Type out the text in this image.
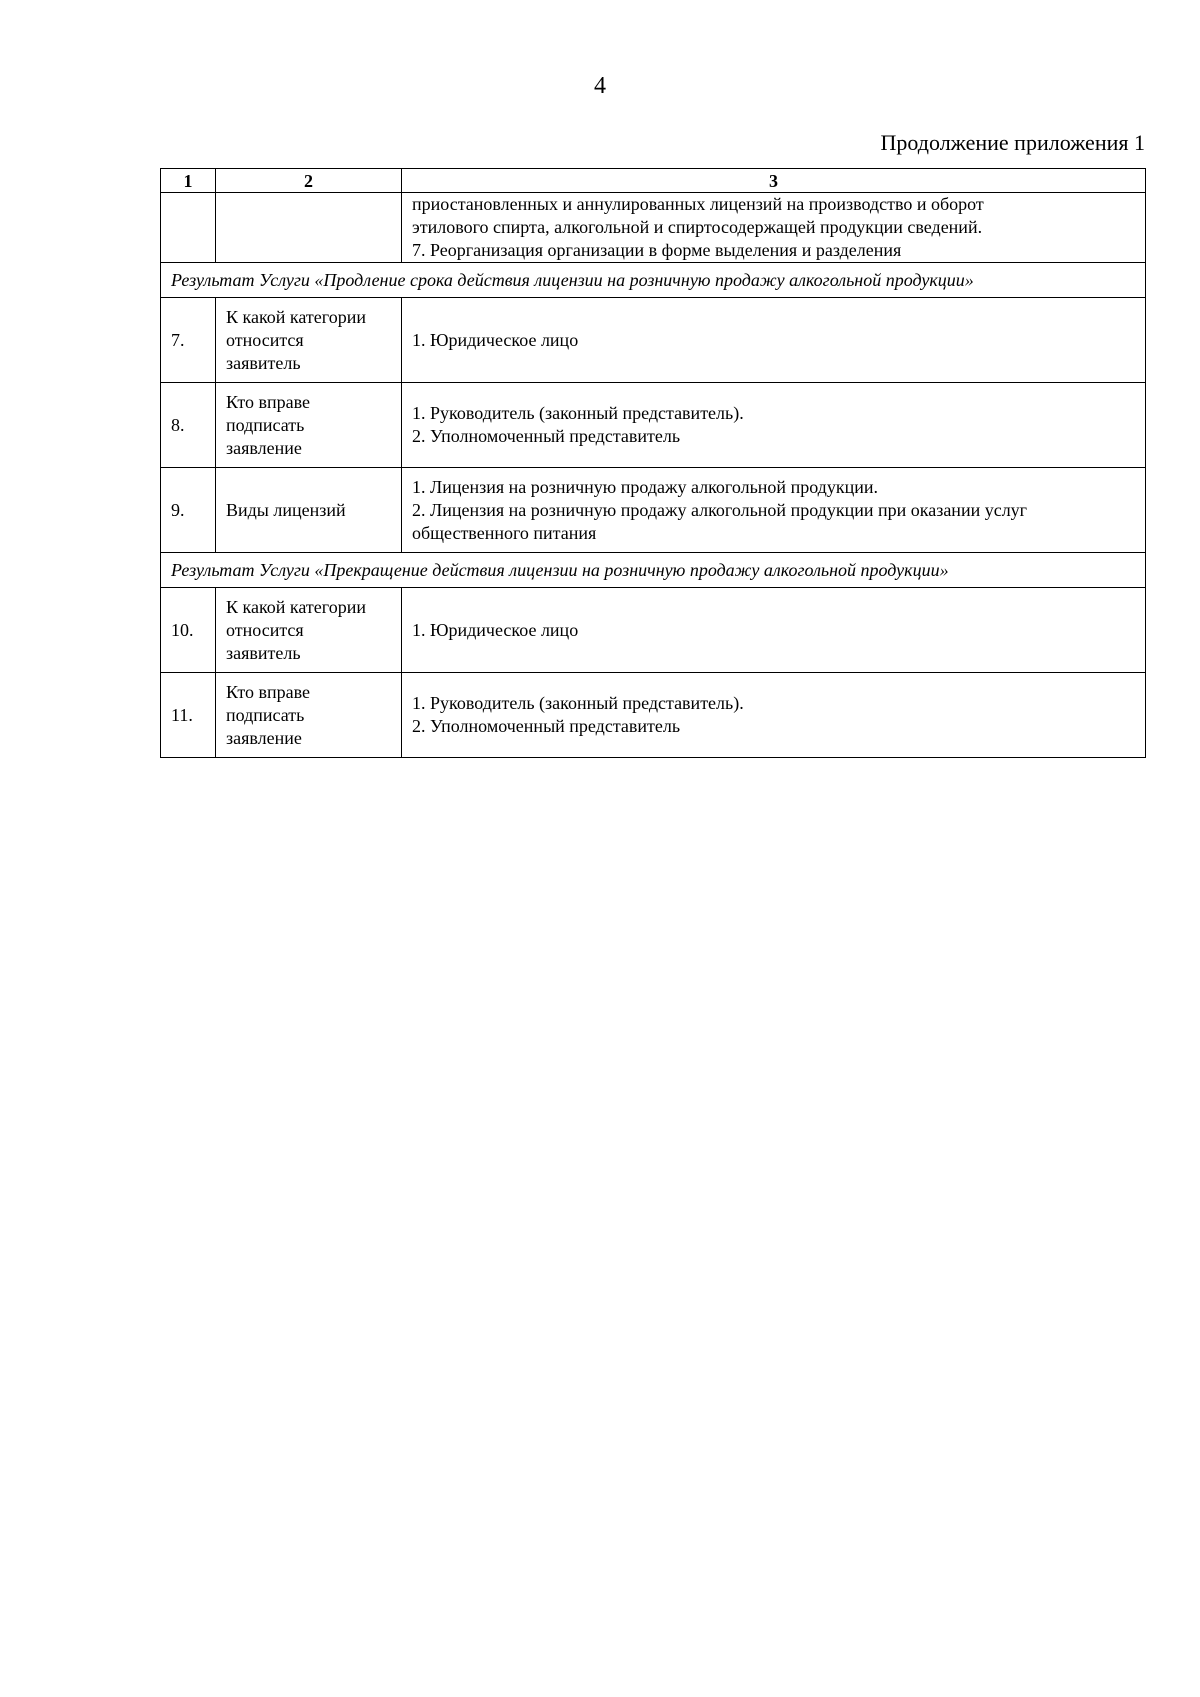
4
Продолжение приложения 1
1	2	3

		приостановленных и аннулированных лицензий на производство и оборот
этилового спирта, алкогольной и спиртосодержащей продукции сведений.
7. Реорганизация организации в форме выделения и разделения

Результат Услуги «Продление срока действия лицензии на розничную продажу алкогольной продукции»		
7.	К какой категории
относится
заявитель	1. Юридическое лицо

8.	Кто вправе
подписать
заявление	1. Руководитель (законный представитель).
2. Уполномоченный представитель

9.	Виды лицензий	1. Лицензия на розничную продажу алкогольной продукции.
2. Лицензия на розничную продажу алкогольной продукции при оказании услуг
общественного питания

Результат Услуги «Прекращение действия лицензии на розничную продажу алкогольной продукции»		
10.	К какой категории
относится
заявитель	1. Юридическое лицо

11.	Кто вправе
подписать
заявление	1. Руководитель (законный представитель).
2. Уполномоченный представитель
